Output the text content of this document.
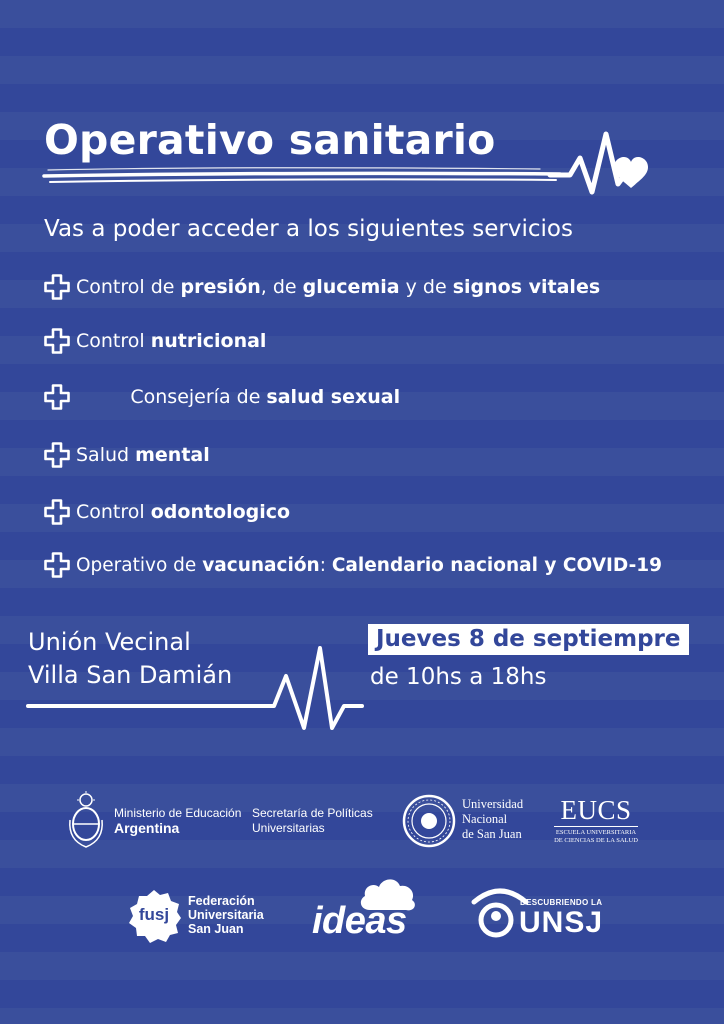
Operativo sanitario
Vas a poder acceder a los siguientes servicios
Control de presión, de glucemia y de signos vitales
Control nutricional

Consejería de salud sexual

Salud mental
Control odontologico
Operativo de vacunación: Calendario nacional y COVID-19
Unión Vecinal
Villa San Damián
Jueves 8 de septiempre
de 10hs a 18hs
Ministerio de Educación
Argentina
Secretaría de Políticas
Universitarias
Universidad
Nacional
de San Juan
EUCS
ESCUELA UNIVERSITARIA
DE CIENCIAS DE LA SALUD
fusj
Federación
Universitaria
San Juan	ideas	DESCUBRIENDO LA
UNSJ
